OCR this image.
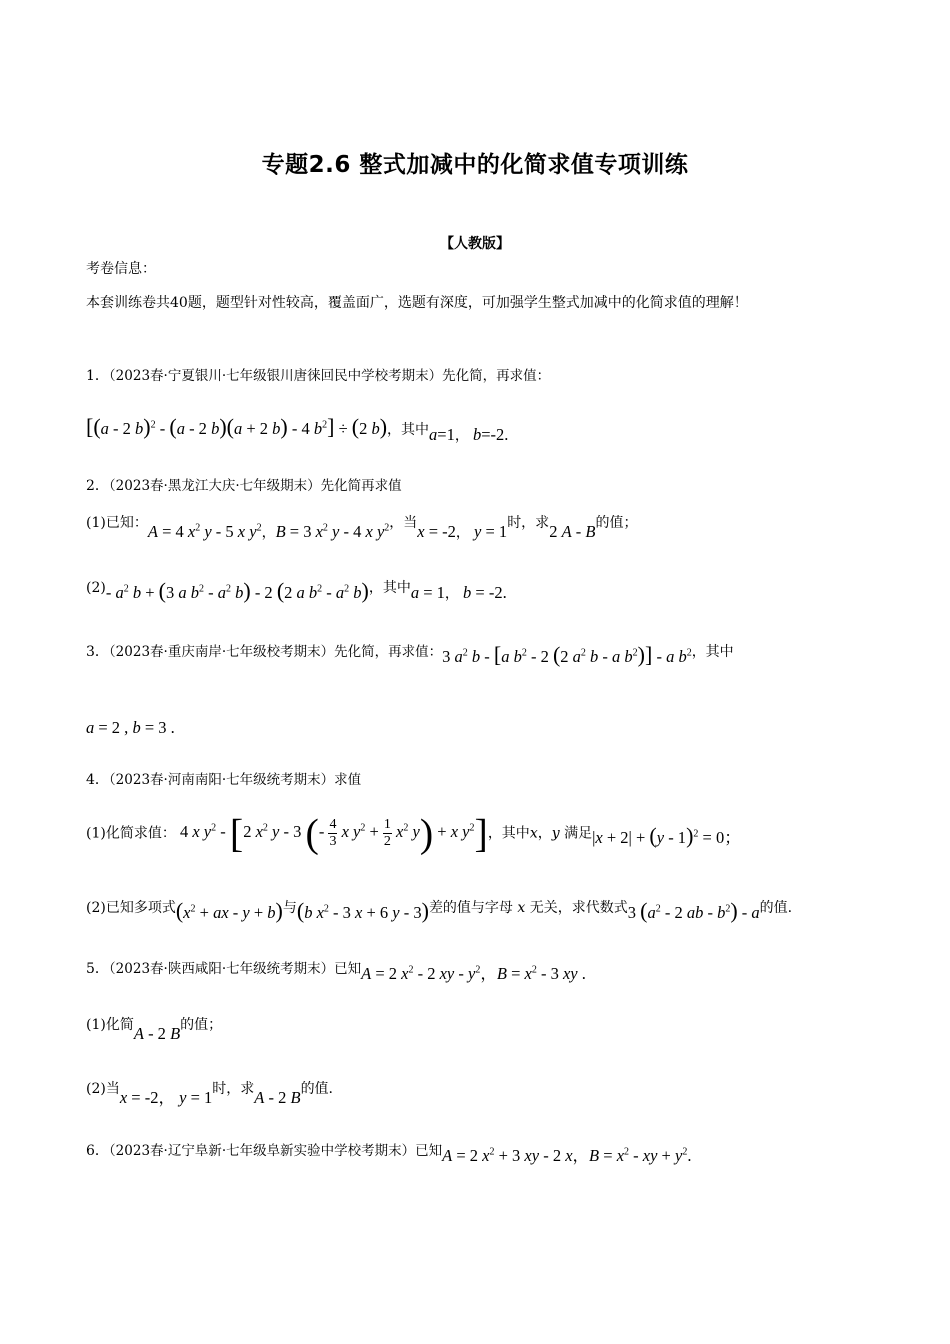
专题2.6 整式加减中的化简求值专项训练
【人教版】
考卷信息：
本套训练卷共40题，题型针对性较高，覆盖面广，选题有深度，可加强学生整式加减中的化简求值的理解！
1．（2023春·宁夏银川·七年级银川唐徕回民中学校考期末）先化简，再求值：
[(a - 2 b)$^2$ - (a - 2 b)(a + 2 b) - 4 $b^2] \div (2$ b)，其中a=1， b=-2.
2．（2023春·黑龙江大庆·七年级期末）先化简再求值
(1)已知：A = 4 $x^2$ y - 5 x $y^2$，B = 3 $x^2$ y - 4 x $y^2$，当x = -2， y = 1时，求2 A - B的值；
(2)- $a^2$ b + (3 a $b^2 - a^2$ b) - 2 (2 a $b^2 - a^2$ b)，其中a = 1， b = -2.
3．（2023春·重庆南岸·七年级校考期末）先化简，再求值：3 $a^2$ b - [a $b^2 - 2$ (2 $a^2$ b - a $b^2$)] - a $b^2$，其中
a = 2 , b = 3 .
4．（2023春·河南南阳·七年级统考期末）求值
(1)化简求值： 4 x $y^2 - [2$ $x^2$ y - 3 (- $\frac{4}{3}$ x $y^2 + \frac{1}{2} x^2$ y) + x $y^2$]，其中x，y 满足|x + 2| + (y - 1)$^2$ = 0；
(2)已知多项式($x^2$ + ax - y + b)与(b $x^2 - 3$ x + 6 y - 3)差的值与字母 x 无关，求代数式3 ($a^2 - 2$ ab - $b^2$) - a的值.
5．（2023春·陕西咸阳·七年级统考期末）已知A = 2 $x^2 - 2$ xy - $y^2$，$B = x^2 - 3$ xy .
(1)化简A - 2 B的值；
(2)当x = -2， y = 1时，求A - 2 B的值.
6．（2023春·辽宁阜新·七年级阜新实验中学校考期末）已知A = 2 $x^2 + 3$ xy - 2 x，$B = x^2$ - xy + $y^2$.
